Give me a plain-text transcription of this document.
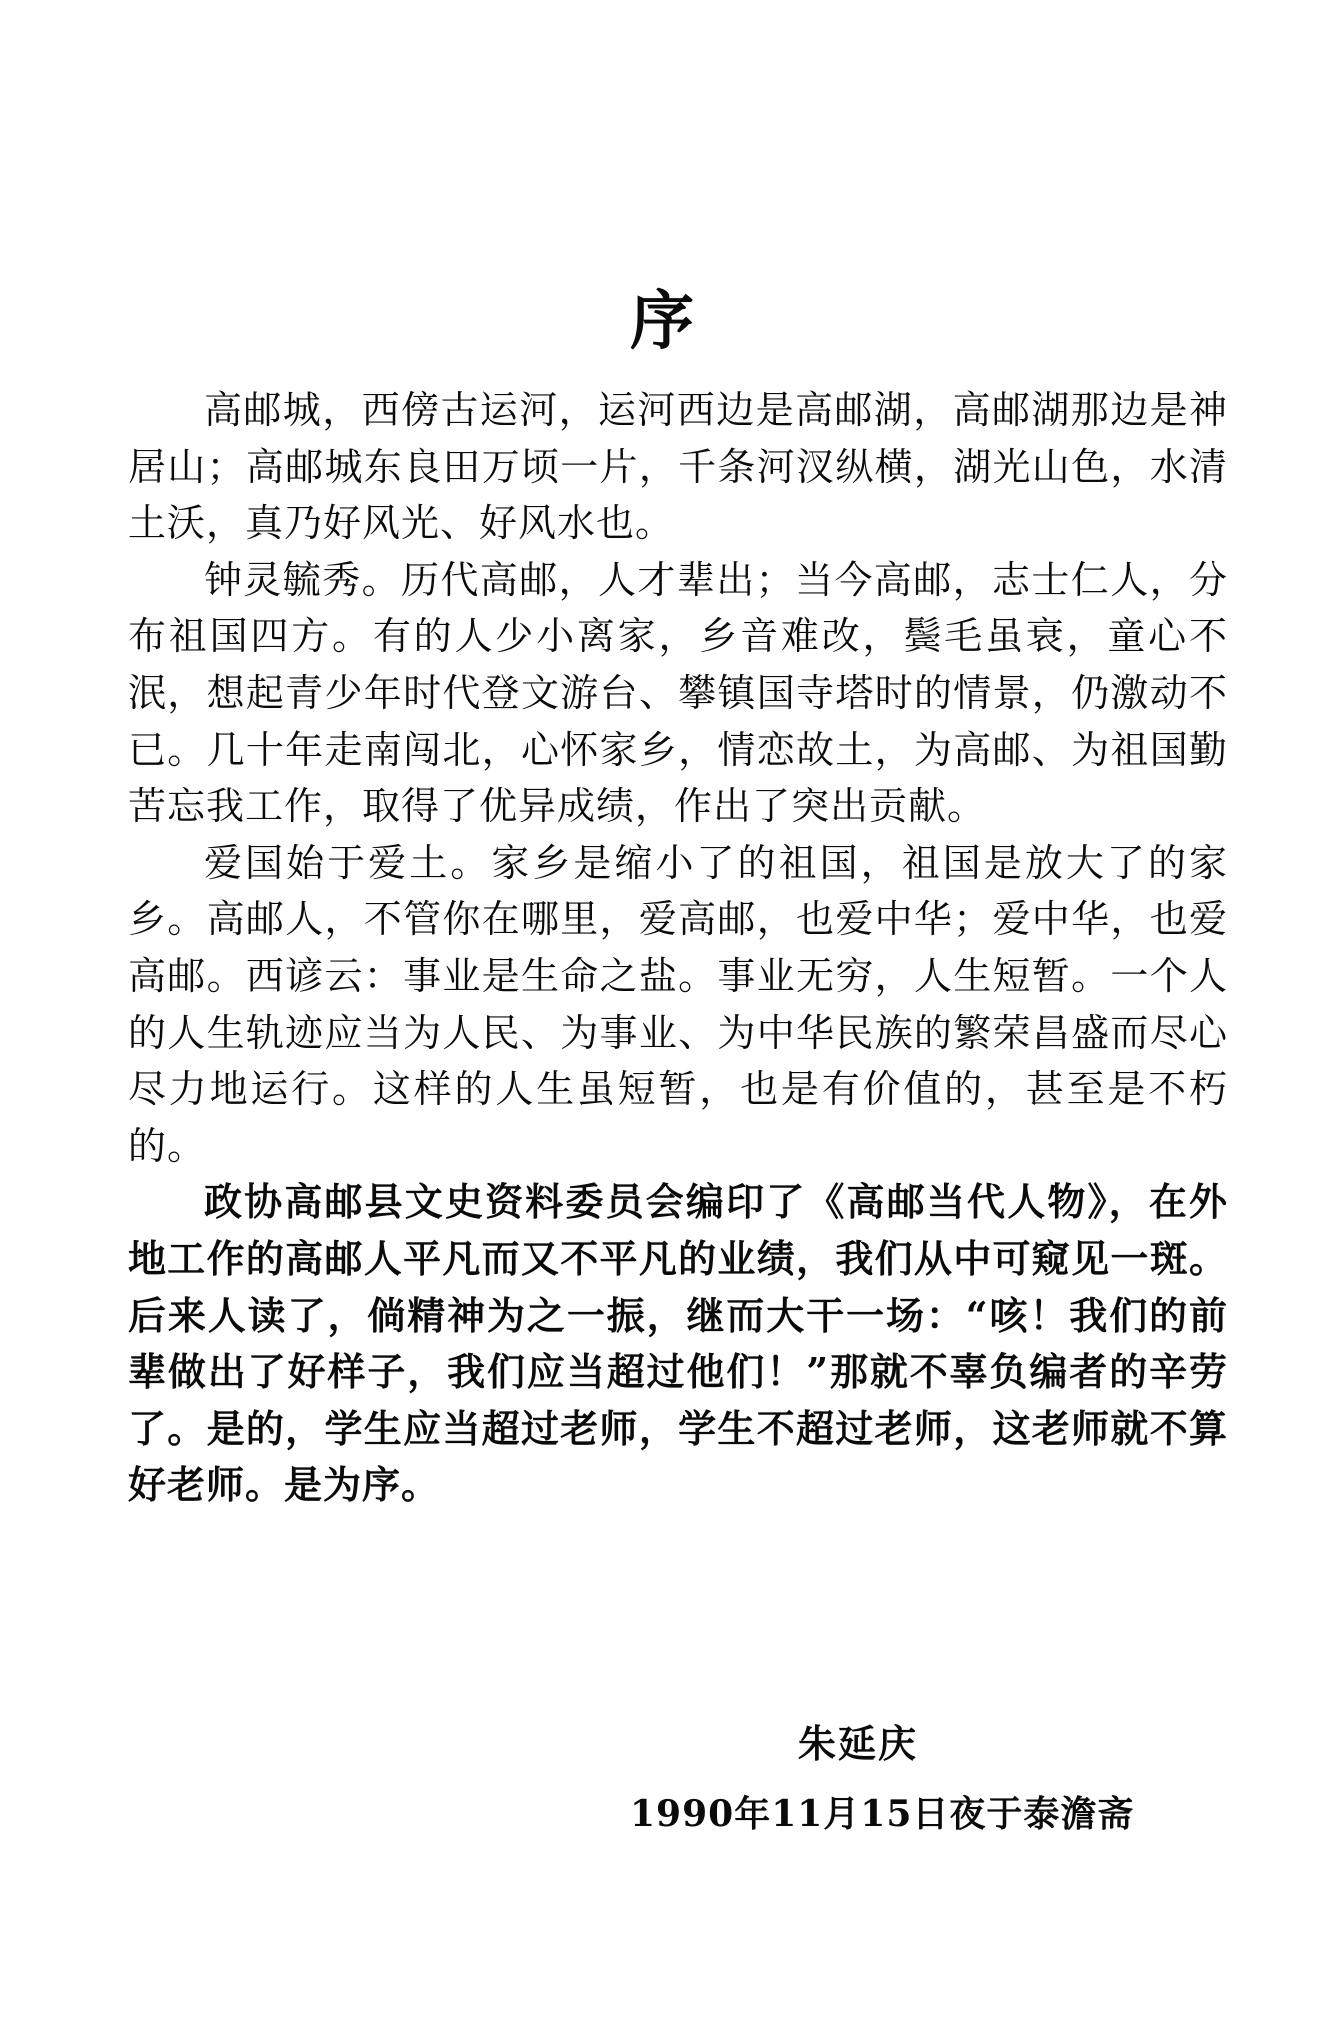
序

高邮城，西傍古运河，运河西边是高邮湖，高邮湖那边是神居山；高邮城东良田万顷一片，千条河汊纵横，湖光山色，水清土沃，真乃好风光、好风水也。

钟灵毓秀。历代高邮，人才辈出；当今高邮，志士仁人，分布祖国四方。有的人少小离家，乡音难改，鬓毛虽衰，童心不泯，想起青少年时代登文游台、攀镇国寺塔时的情景，仍激动不已。几十年走南闯北，心怀家乡，情恋故土，为高邮、为祖国勤苦忘我工作，取得了优异成绩，作出了突出贡献。

爱国始于爱土。家乡是缩小了的祖国，祖国是放大了的家乡。高邮人，不管你在哪里，爱高邮，也爱中华；爱中华，也爱高邮。西谚云：事业是生命之盐。事业无穷，人生短暂。一个人的人生轨迹应当为人民、为事业、为中华民族的繁荣昌盛而尽心尽力地运行。这样的人生虽短暂，也是有价值的，甚至是不朽的。

政协高邮县文史资料委员会编印了《高邮当代人物》，在外地工作的高邮人平凡而又不平凡的业绩，我们从中可窥见一斑。后来人读了，倘精神为之一振，继而大干一场：“咳！我们的前辈做出了好样子，我们应当超过他们！”那就不辜负编者的辛劳了。是的，学生应当超过老师，学生不超过老师，这老师就不算好老师。是为序。

朱延庆
1990年11月15日夜于泰澹斋
